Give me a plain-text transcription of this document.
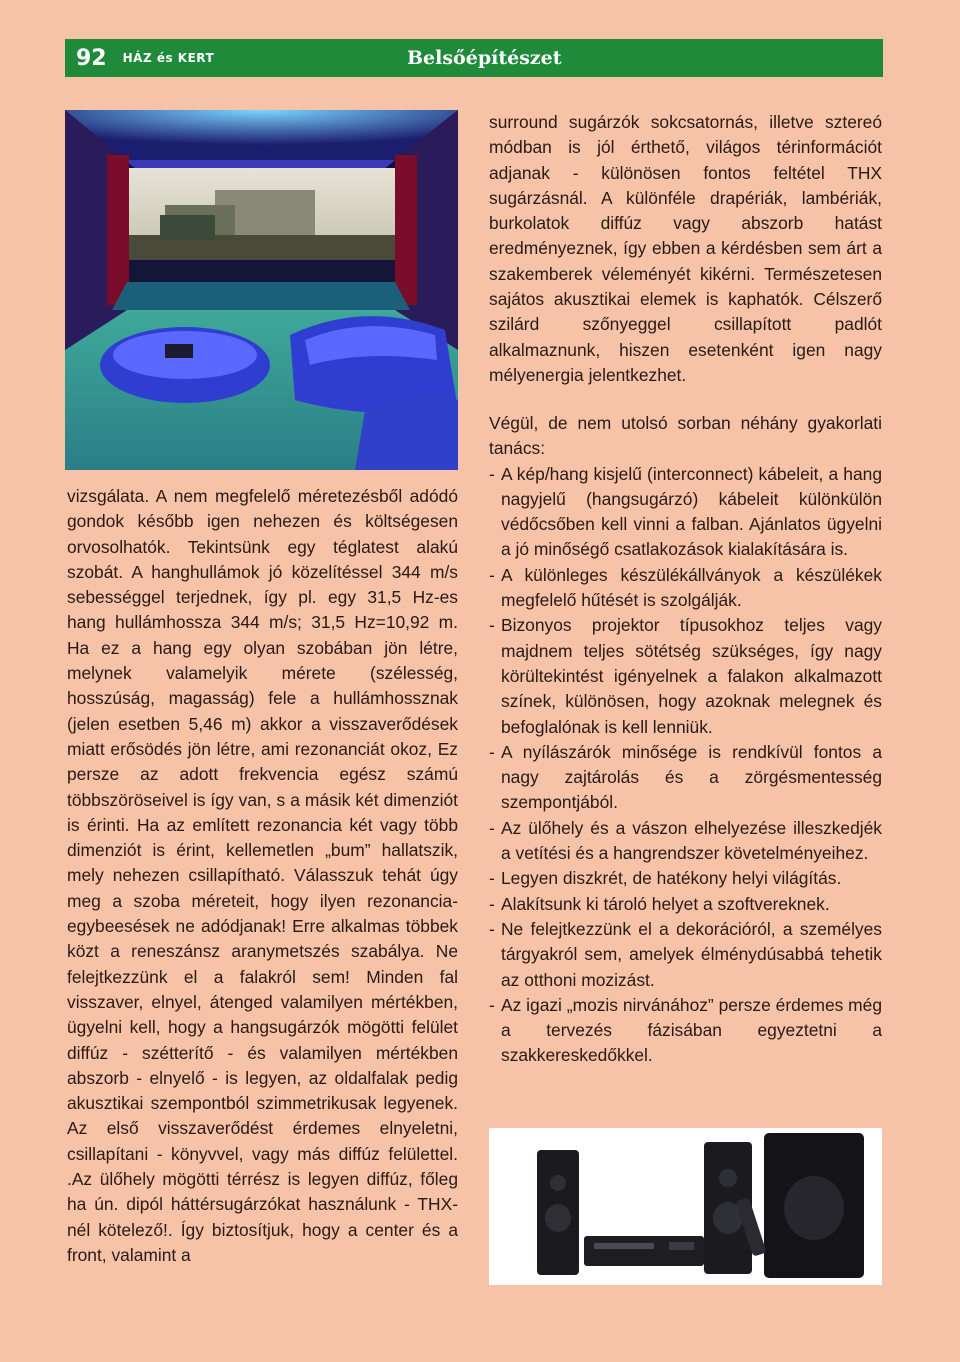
92 HÁZ és KERT	Belsőépítészet

surround sugárzók sokcsatornás, illetve sztereó módban is jól érthető, világos térinformációt adjanak - különösen fontos feltétel THX sugárzásnál. A különféle drapériák, lambériák, burkolatok diffúz vagy abszorb hatást eredményeznek, így ebben a kérdésben sem árt a szakemberek véleményét kikérni. Természetesen sajátos akusztikai elemek is kaphatók. Célszerő szilárd szőnyeggel csillapított padlót alkalmaznunk, hiszen esetenként igen nagy mélyenergia jelentkezhet.

vizsgálata. A nem megfelelő méretezésből adódó gondok később igen nehezen és költségesen orvosolhatók. Tekintsünk egy téglatest alakú szobát. A hanghullámok jó közelítéssel 344 m/s sebességgel terjednek, így pl. egy 31,5 Hz-es hang hullámhossza 344 m/s; 31,5 Hz=10,92 m. Ha ez a hang egy olyan szobában jön létre, melynek valamelyik mérete (szélesség, hosszúság, magasság) fele a hullámhossznak (jelen esetben 5,46 m) akkor a visszaverődések miatt erősödés jön létre, ami rezonanciát okoz, Ez persze az adott frekvencia egész számú többszöröseivel is így van, s a másik két dimenziót is érinti. Ha az említett rezonancia két vagy több dimenziót is érint, kellemetlen „bum” hallatszik, mely nehezen csillapítható. Válasszuk tehát úgy meg a szoba méreteit, hogy ilyen rezonancia-egybeesések ne adódjanak! Erre alkalmas többek közt a reneszánsz aranymetszés szabálya. Ne felejtkezzünk el a falakról sem! Minden fal visszaver, elnyel, átenged valamilyen mértékben, ügyelni kell, hogy a hangsugárzók mögötti felület diffúz - szétterítő - és valamilyen mértékben abszorb - elnyelő - is legyen, az oldalfalak pedig akusztikai szempontból szimmetrikusak legyenek. Az első visszaverődést érdemes elnyeletni, csillapítani - könyvvel, vagy más diffúz felülettel. .Az ülőhely mögötti térrész is legyen diffúz, főleg ha ún. dipól háttérsugárzókat használunk - THX-nél kötelező!. Így biztosítjuk, hogy a center és a front, valamint a

Végül, de nem utolsó sorban néhány gyakorlati tanács:

- A kép/hang kisjelű (interconnect) kábeleit, a hang nagyjelű (hangsugárzó) kábeleit különkülön védőcsőben kell vinni a falban. Ajánlatos ügyelni a jó minőségő csatlakozások kialakítására is.
- A különleges készülékállványok a készülékek megfelelő hűtését is szolgálják.
- Bizonyos projektor típusokhoz teljes vagy majdnem teljes sötétség szükséges, így nagy körültekintést igényelnek a falakon alkalmazott színek, különösen, hogy azoknak melegnek és befoglalónak is kell lenniük.
- A nyílászárók minősége is rendkívül fontos a nagy zajtárolás és a zörgésmentesség szempontjából.
- Az ülőhely és a vászon elhelyezése illeszkedjék a vetítési és a hangrendszer követelményeihez.
- Legyen diszkrét, de hatékony helyi világítás.
- Alakítsunk ki tároló helyet a szoftvereknek.
- Ne felejtkezzünk el a dekorációról, a személyes tárgyakról sem, amelyek élménydúsabbá tehetik az otthoni mozizást.
- Az igazi „mozis nirvánához” persze érdemes még a tervezés fázisában egyeztetni a szakkereskedőkkel.
